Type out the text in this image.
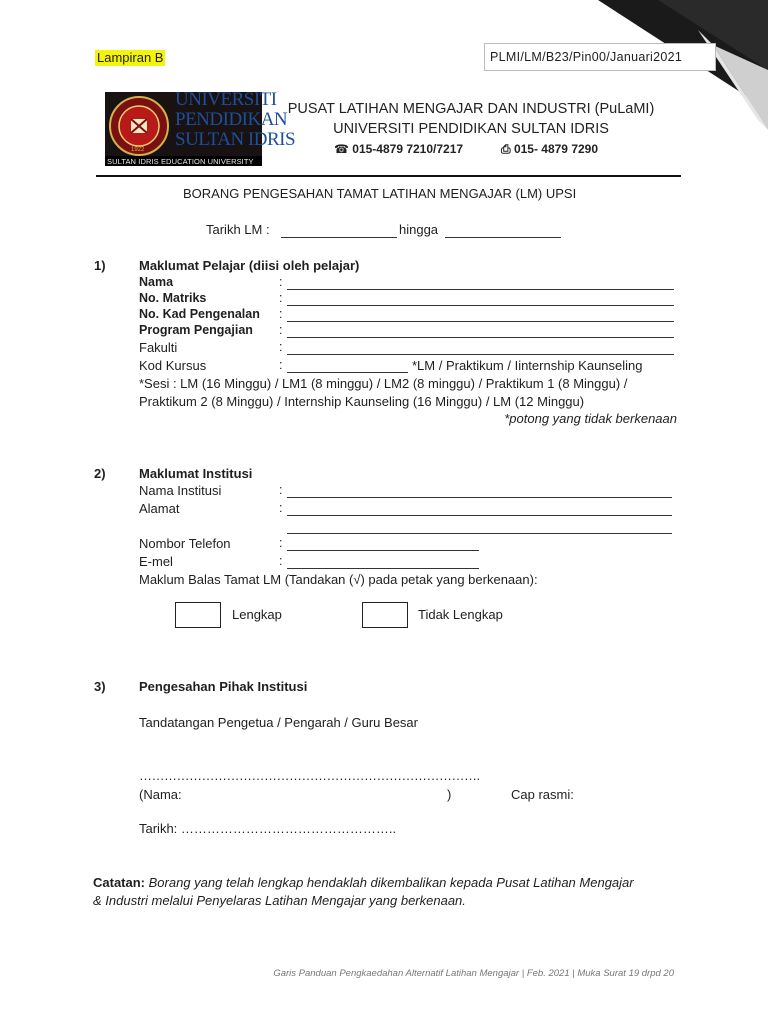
PLMI/LM/B23/Pin00/Januari2021
Lampiran B
UNIVERSITI
PENDIDIKAN
SULTAN IDRIS
1922
SULTAN IDRIS EDUCATION UNIVERSITY
PUSAT LATIHAN MENGAJAR DAN INDUSTRI (PuLaMI)
UNIVERSITI PENDIDIKAN SULTAN IDRIS
☎ 015-4879 7210/7217	⎙ 015- 4879 7290
BORANG PENGESAHAN TAMAT LATIHAN MENGAJAR (LM) UPSI
Tarikh LM :	hingga
1)	Maklumat Pelajar (diisi oleh pelajar)
Nama	:
No. Matriks	:
No. Kad Pengenalan :
Program Pengajian :
Fakulti	:
Kod Kursus	:	*LM / Praktikum / Iinternship Kaunseling
*Sesi : LM (16 Minggu) / LM1 (8 minggu) / LM2 (8 minggu) / Praktikum 1 (8 Minggu) /
Praktikum 2 (8 Minggu) / Internship Kaunseling (16 Minggu) / LM (12 Minggu)
*potong yang tidak berkenaan
2)	Maklumat Institusi
Nama Institusi	:
Alamat	:
Nombor Telefon	:
E-mel	:
Maklum Balas Tamat LM (Tandakan (√) pada petak yang berkenaan):
Lengkap	Tidak Lengkap
3)	Pengesahan Pihak Institusi
Tandatangan Pengetua / Pengarah / Guru Besar
……………………………………………………………………….
(Nama:	)	Cap rasmi:
Tarikh: …………………………………………..
Catatan: Borang yang telah lengkap hendaklah dikembalikan kepada Pusat Latihan Mengajar
& Industri melalui Penyelaras Latihan Mengajar yang berkenaan.
Garis Panduan Pengkaedahan Alternatif Latihan Mengajar | Feb. 2021 | Muka Surat 19 drpd 20
